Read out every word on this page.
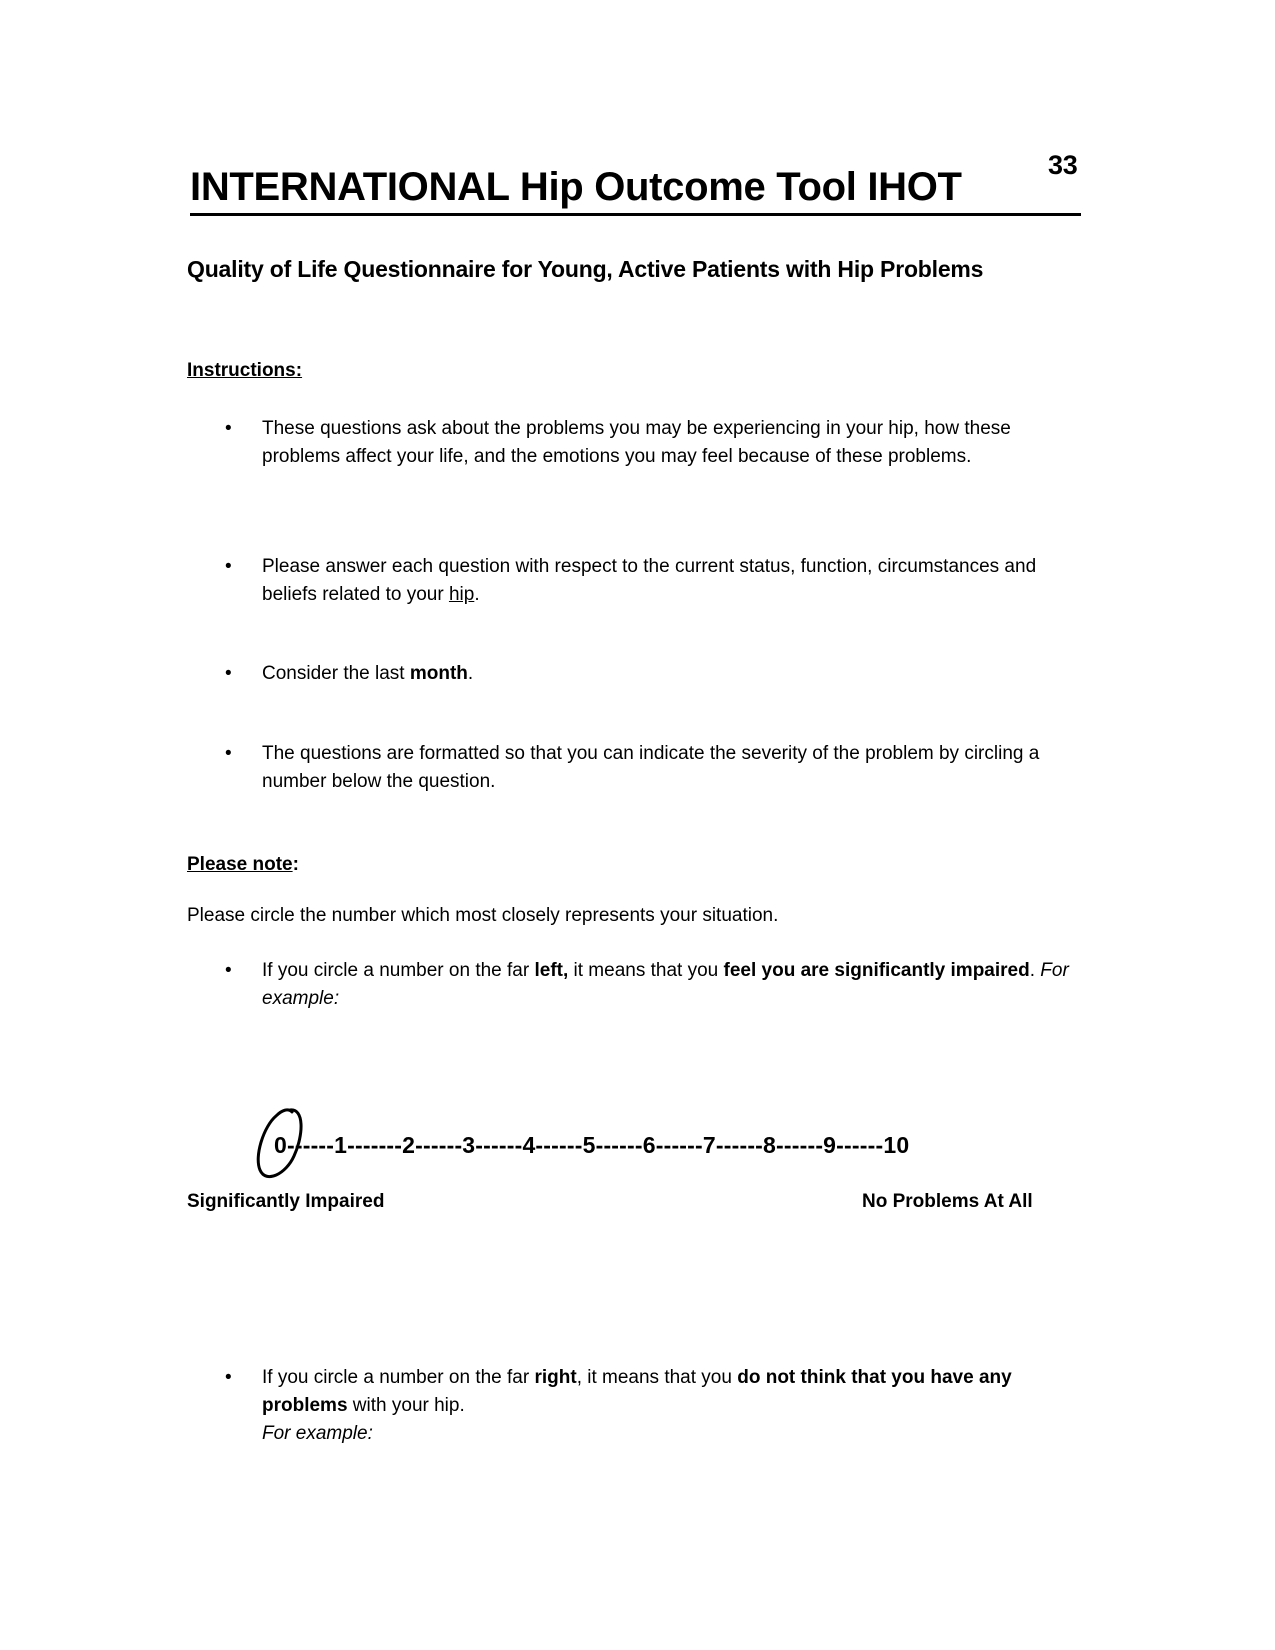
INTERNATIONAL Hip Outcome Tool IHOT	33
Quality of Life Questionnaire for Young, Active Patients with Hip Problems
Instructions:
• These questions ask about the problems you may be experiencing in your hip, how these problems affect your life, and the emotions you may feel because of these problems.
• Please answer each question with respect to the current status, function, circumstances and beliefs related to your hip.
• Consider the last month.
• The questions are formatted so that you can indicate the severity of the problem by circling a number below the question.
Please note:
Please circle the number which most closely represents your situation.
• If you circle a number on the far left, it means that you feel you are significantly impaired. For example:
0------1-------2------3------4------5------6------7------8------9------10
Significantly Impaired	No Problems At All
• If you circle a number on the far right, it means that you do not think that you have any problems with your hip.
For example:
